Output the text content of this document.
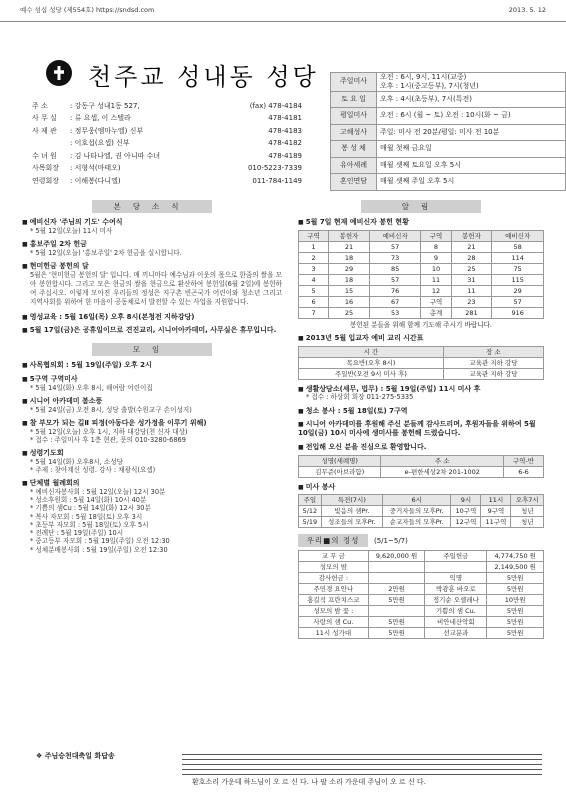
예수 섬십 성당 (제554호) https://sndsd.com	2013. 5. 12
천주교 성내동 성당
주 소	: 강동구 성내1동 527,	(fax) 478-4184
사 무 실	: 류 요셉, 이 스텔라	478-4181
사 제 관	: 정무웅(엠마누엘) 신부	478-4183
: 이호섭(요셉) 신부	478-4182
수 녀 원	: 김 나타나엘, 권 아니따 수녀	478-4189
사목회장	: 서형석(마태오)	010-5223-7339
연령회장	: 이해봉(다니엘)	011-784-1149
주일미사	오전 : 6시, 9시, 11시(교중)
오후 : 1시(중고등부), 7시(청년)
토 요 일	오후 : 4시(초등부), 7시(특전)
평일미사	오전 : 6시 (월 ~ 토) 오전 : 10시(화 ~ 금)
고해성사	주일: 미사 전 20분/평일: 미사 전 10분
봉 성 체	매월 첫째 금요일
유아세례	매월 셋째 토요일 오후 5시
혼인면담	매월 셋째 주일 오후 5시
본당소식
■ 예비신자 '주님의 기도' 수여식
* 5월 12일(오늘) 11시 미사
■ 홍보주일 2차 헌금
* 5월 12일(오늘) '홍보주일' 2차 헌금을 실시합니다.
■ 현미헌금 봉헌의 달
5월은 '현미헌금 봉헌의 달' 입니다. 매 끼니마다 예수님과 이웃의 몫으로 한줌의 쌀을 모아 봉헌합시다. 그리고 모은 현금의 쌀을 현금으로 환산하여 봉헌일(6월 2일)에 봉헌하여 주십시오. 이렇게 모아진 우리들의 정성은 지구촌 빈곤국가 어린이와 청소년 그리고 지역사회를 위하여 한 마음이 공동체로서 발전할 수 있는 사업을 지원합니다.
■ 영성교육 : 5월 16일(목) 오후 8시(본청전 지하강당)
■ 5월 17일(금)은 공휴일이므로 견진교리, 시니어아카데미, 사무실은 휴무입니다.
모임
■ 사목협의회 : 5월 19일(주일) 오후 2시
■ 5구역 구역미사
* 5월 14일(화) 오후 8시, 해여람 어린이집
■ 시니어 아카데미 봄소풍
* 5월 24일(금) 오전 8시, 성당 출발(수원교구 손이성지)
■ 참 부모가 되는 길Ⅱ 피정(아동다운 성가정을 이루기 위해)
* 5월 12일(오늘) 오후 1시, 지하 대강당(천 신자 대상)
* 접수 : 주일미사 후 1층 현관, 문의 010-3280-6869
■ 성령기도회
* 5월 14일(화) 오후8시, 소성당
* 주제 : 찾아계신 성령. 강사 : 채광식(요셉)
■ 단체별 월례회의
* 예비신자봉사회 : 5월 12일(오늘) 12시 30분
* 성소후원회 : 5월 14일(화) 10시 40분
* 기쁨의 샘Cu : 5월 14일(화) 12시 30분
* 복사 자모회 : 5월 18일(토) 오후 3시
* 초등부 자모회 : 5월 18일(토) 오후 5시
* 전례단 : 5월 19일(주일) 10시
* 중고등부 자모회 : 5월 19일(주일) 오전 12:30
* 성체분배봉사회 : 5월 19일(주일) 오전 12:30
알림
■ 5월 7일 현재 예비신자 봉헌 현황
구역	봉헌자	예비신자	구역	봉헌자	예비신자
1	21	57	8	21	58
2	18	73	9	28	114
3	29	85	10	25	75
4	18	57	11	31	115
5	15	76	12	11	29
6	16	67	구역	23	57
7	25	53	총계	281	916
봉헌된 분들을 위해 함께 기도해 주시기 바랍니다.
■ 2013년 5월 입교자 예비 교리 시간표
시 간	장 소
목요반(오후 8시)	교육관 지하 강당
주일반(오전 9시 미사 후)	교육관 지하 강당
■ 생활상담소(세무, 법무) : 5월 19일(주일) 11시 미사 후
* 접수 : 하상회 회장 011-275-5335
■ 청소 봉사 : 5월 18일(토) 7구역
■ 시니어 아카데미를 후원해 주신 분들께 감사드리며, 후원자들을 위하여 5월 10일(금) 10시 미사에 생미사를 봉헌해 드렸습니다.
■ 전입해 오신 분을 진심으로 환영합니다.
성명(세례명)	주 소	구역-반
김무준(아브라함)	e-편한세상2차 201-1002	6-6
■ 미사 봉사
주일	특전(7시)	6시	9시	11시	오후7시
5/12	빛음의 샘Pr.	중거자들의 모후Pr.	10구역	9구역	청년
5/19	성조들의 모후Pr.	순교자들의 모후Pr.	12구역	11구역	청년
우리■의 정성	(5/1~5/7)
교 무 금	9,620,000 원	주일헌금	4,774,750 원
성모의 밤			2,149,500 원
감사헌금 :		익명	5만원
주민경 요안나	2만원	박광훈 바오로	5만원
홍길석 프란치스코	5만원	정기순 오셀레나	10만원
성모의 밤 꽃 :		기쁨의 샘 Cu.	5만원
사랑의 샘 Cu.	5만원	비안네산악회	5만원
11시 성가대	5만원	선교분과	5만원
❖ 주님승천대축일 화답송
환호소리 가운데 하느님이 오 르 신 다. 나 팔 소리 가운데 주님이 오 르 신 다.
